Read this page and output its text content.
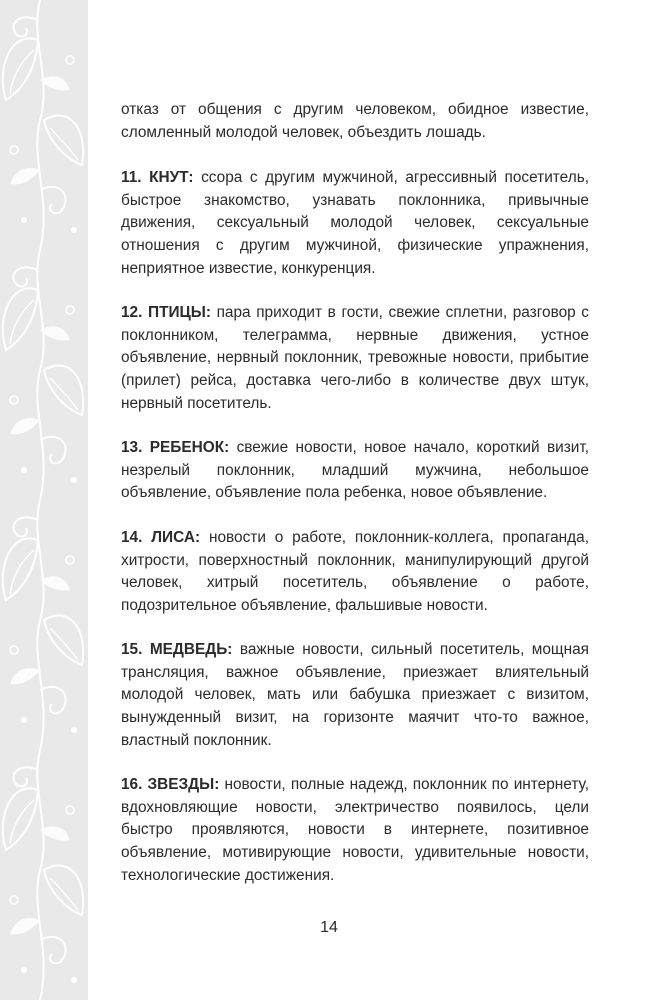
отказ от общения с другим человеком, обидное известие, сломленный молодой человек, объездить лошадь.

11. КНУТ: ссора с другим мужчиной, агрессивный посетитель, быстрое знакомство, узнавать поклонника, привычные движения, сексуальный молодой человек, сексуальные отношения с другим мужчиной, физические упражнения, неприятное известие, конкуренция.

12. ПТИЦЫ: пара приходит в гости, свежие сплетни, разговор с поклонником, телеграмма, нервные движения, устное объявление, нервный поклонник, тревожные новости, прибытие (прилет) рейса, доставка чего-либо в количестве двух штук, нервный посетитель.

13. РЕБЕНОК: свежие новости, новое начало, короткий визит, незрелый поклонник, младший мужчина, небольшое объявление, объявление пола ребенка, новое объявление.

14. ЛИСА: новости о работе, поклонник-коллега, пропаганда, хитрости, поверхностный поклонник, манипулирующий другой человек, хитрый посетитель, объявление о работе, подозрительное объявление, фальшивые новости.

15. МЕДВЕДЬ: важные новости, сильный посетитель, мощная трансляция, важное объявление, приезжает влиятельный молодой человек, мать или бабушка приезжает с визитом, вынужденный визит, на горизонте маячит что-то важное, властный поклонник.

16. ЗВЕЗДЫ: новости, полные надежд, поклонник по интернету, вдохновляющие новости, электричество появилось, цели быстро проявляются, новости в интернете, позитивное объявление, мотивирующие новости, удивительные новости, технологические достижения.

14
